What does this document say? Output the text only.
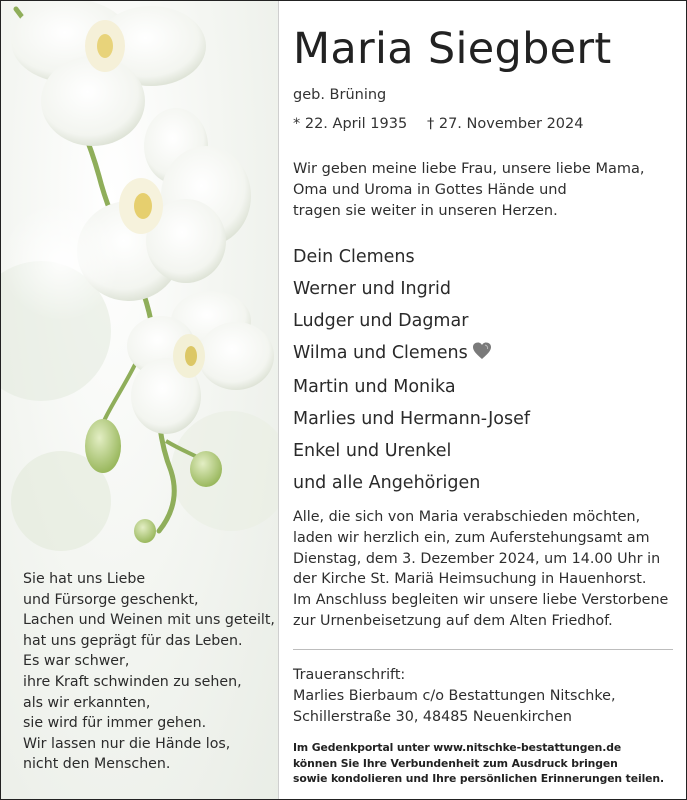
Sie hat uns Liebe
und Fürsorge geschenkt,
Lachen und Weinen mit uns geteilt,
hat uns geprägt für das Leben.
Es war schwer,
ihre Kraft schwinden zu sehen,
als wir erkannten,
sie wird für immer gehen.
Wir lassen nur die Hände los,
nicht den Menschen.
Maria Siegbert
geb. Brüning
* 22. April 1935 † 27. November 2024
Wir geben meine liebe Frau, unsere liebe Mama,
Oma und Uroma in Gottes Hände und
tragen sie weiter in unseren Herzen.
Dein Clemens
Werner und Ingrid
Ludger und Dagmar
Wilma und Clemens
Martin und Monika
Marlies und Hermann-Josef
Enkel und Urenkel
und alle Angehörigen
Alle, die sich von Maria verabschieden möchten,
laden wir herzlich ein, zum Auferstehungsamt am
Dienstag, dem 3. Dezember 2024, um 14.00 Uhr in
der Kirche St. Mariä Heimsuchung in Hauenhorst.
Im Anschluss begleiten wir unsere liebe Verstorbene
zur Urnenbeisetzung auf dem Alten Friedhof.
Traueranschrift:
Marlies Bierbaum c/o Bestattungen Nitschke,
Schillerstraße 30, 48485 Neuenkirchen
Im Gedenkportal unter www.nitschke-bestattungen.de
können Sie Ihre Verbundenheit zum Ausdruck bringen
sowie kondolieren und Ihre persönlichen Erinnerungen teilen.
